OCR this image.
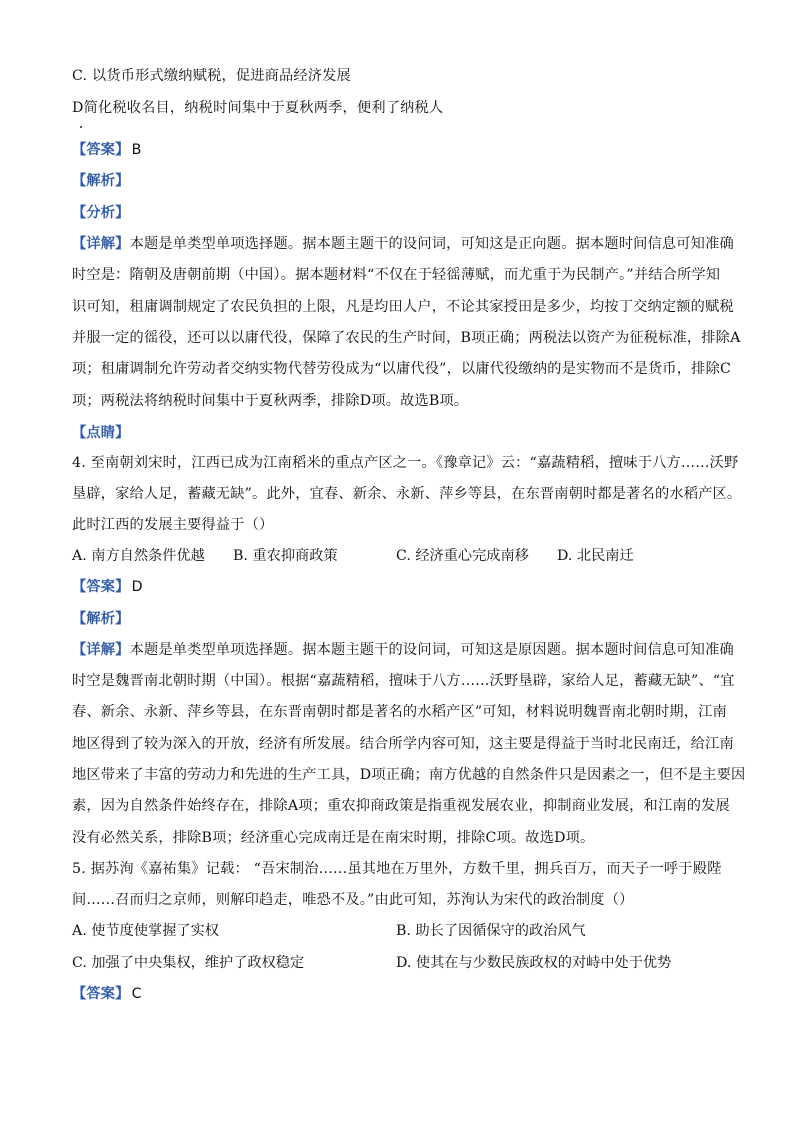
C. 以货币形式缴纳赋税，促进商品经济发展
D简化税收名目，纳税时间集中于夏秋两季，便利了纳税人
【答案】 B
【解析】
【分析】
【详解】本题是单类型单项选择题。据本题主题干的设问词，可知这是正向题。据本题时间信息可知准确
时空是：隋朝及唐朝前期（中国）。据本题材料“不仅在于轻徭薄赋，而尤重于为民制产。”并结合所学知
识可知，租庸调制规定了农民负担的上限，凡是均田人户，不论其家授田是多少，均按丁交纳定额的赋税
并服一定的徭役，还可以以庸代役，保障了农民的生产时间，B项正确；两税法以资产为征税标准，排除A
项；租庸调制允许劳动者交纳实物代替劳役成为“以庸代役”，以庸代役缴纳的是实物而不是货币，排除C
项；两税法将纳税时间集中于夏秋两季，排除D项。故选B项。
【点睛】
4. 至南朝刘宋时，江西已成为江南稻米的重点产区之一。《豫章记》云：“嘉蔬精稻，擅味于八方……沃野
垦辟，家给人足，蓄藏无缺”。此外，宜春、新余、永新、萍乡等县，在东晋南朝时都是著名的水稻产区。
此时江西的发展主要得益于（）
A. 南方自然条件优越 B. 重农抑商政策	C. 经济重心完成南移 D. 北民南迁
【答案】 D
【解析】
【详解】本题是单类型单项选择题。据本题主题干的设问词，可知这是原因题。据本题时间信息可知准确
时空是魏晋南北朝时期（中国）。根据“嘉蔬精稻，擅味于八方……沃野垦辟，家给人足，蓄藏无缺”、“宜
春、新余、永新、萍乡等县，在东晋南朝时都是著名的水稻产区”可知，材料说明魏晋南北朝时期，江南
地区得到了较为深入的开放，经济有所发展。结合所学内容可知，这主要是得益于当时北民南迁，给江南
地区带来了丰富的劳动力和先进的生产工具，D项正确；南方优越的自然条件只是因素之一，但不是主要因
素，因为自然条件始终存在，排除A项；重农抑商政策是指重视发展农业，抑制商业发展，和江南的发展
没有必然关系，排除B项；经济重心完成南迁是在南宋时期，排除C项。故选D项。
5. 据苏洵《嘉祐集》记载： “吾宋制治……虽其地在万里外，方数千里，拥兵百万，而天子一呼于殿陛
间……召而归之京师，则解印趋走，唯恐不及。”由此可知，苏洵认为宋代的政治制度（）
A. 使节度使掌握了实权	B. 助长了因循保守的政治风气
C. 加强了中央集权，维护了政权稳定	D. 使其在与少数民族政权的对峙中处于优势
【答案】 C
